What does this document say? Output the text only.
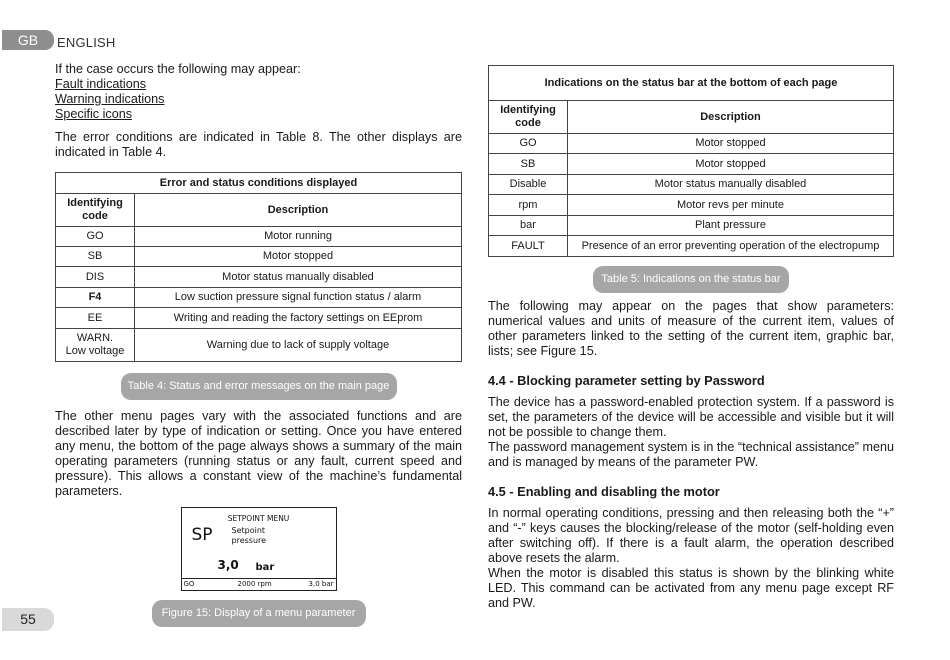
GB	ENGLISH

If the case occurs the following may appear:

Fault indications
Warning indications
Specific icons

The error conditions are indicated in Table 8. The other displays are indicated in Table 4.

Error and status conditions displayed	
Identifying code	Description
GO	Motor running
SB	Motor stopped
DIS	Motor status manually disabled
F4	Low suction pressure signal function status / alarm
EE	Writing and reading the factory settings on EEprom
WARN.
Low voltage	Warning due to lack of supply voltage
Table 4: Status and error messages on the main page

The other menu pages vary with the associated functions and are described later by type of indication or setting. Once you have entered any menu, the bottom of the page always shows a summary of the main operating parameters (running status or any fault, current speed and pressure). This allows a constant view of the machine’s fundamental parameters.

SETPOINT MENU
SP Setpoint
pressure
3,0 bar
GO	2000 rpm	3,0 bar
Figure 15: Display of a menu parameter
Indications on the status bar at the bottom of each page	
Identifying code	Description
GO	Motor stopped
SB	Motor stopped
Disable	Motor status manually disabled
rpm	Motor revs per minute
bar	Plant pressure
FAULT	Presence of an error preventing operation of the electropump
Table 5: Indications on the status bar

The following may appear on the pages that show parameters: numerical values and units of measure of the current item, values of other parameters linked to the setting of the current item, graphic bar, lists; see Figure 15.

4.4 - Blocking parameter setting by Password

The device has a password-enabled protection system. If a password is set, the parameters of the device will be accessible and visible but it will not be possible to change them.

The password management system is in the “technical assistance” menu and is managed by means of the parameter PW.

4.5 - Enabling and disabling the motor

In normal operating conditions, pressing and then releasing both the “+” and “-” keys causes the blocking/release of the motor (self-holding even after switching off). If there is a fault alarm, the operation described above resets the alarm.

When the motor is disabled this status is shown by the blinking white LED. This command can be activated from any menu page except RF and PW.

55
